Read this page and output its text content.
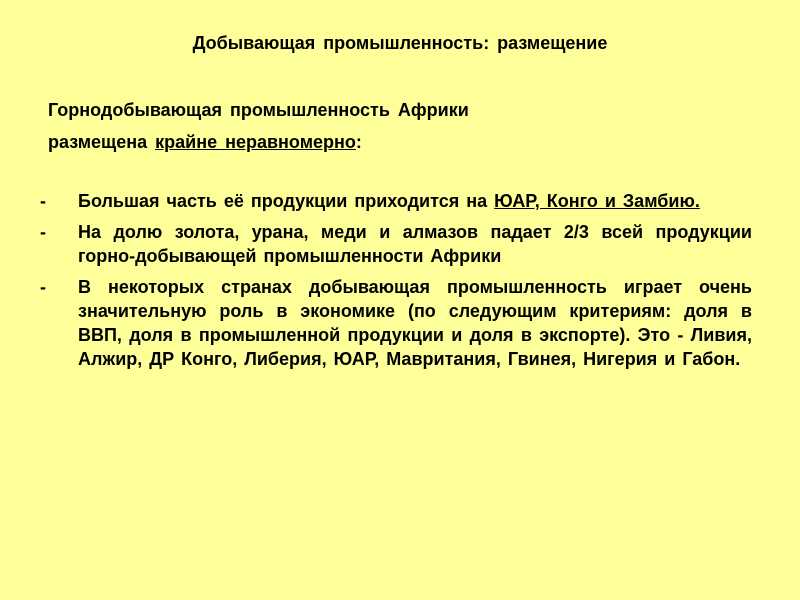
Добывающая промышленность: размещение
Горнодобывающая промышленность Африки
размещена крайне неравномерно:
- Большая часть её продукции приходится на ЮАР, Конго и Замбию.
- На долю золота, урана, меди и алмазов падает 2/3 всей продукции горно-добывающей промышленности Африки
- В некоторых странах добывающая промышленность играет очень значительную роль в экономике (по следующим критериям: доля в ВВП, доля в промышленной продукции и доля в экспорте). Это - Ливия, Алжир, ДР Конго, Либерия, ЮАР, Мавритания, Гвинея, Нигерия и Габон.
